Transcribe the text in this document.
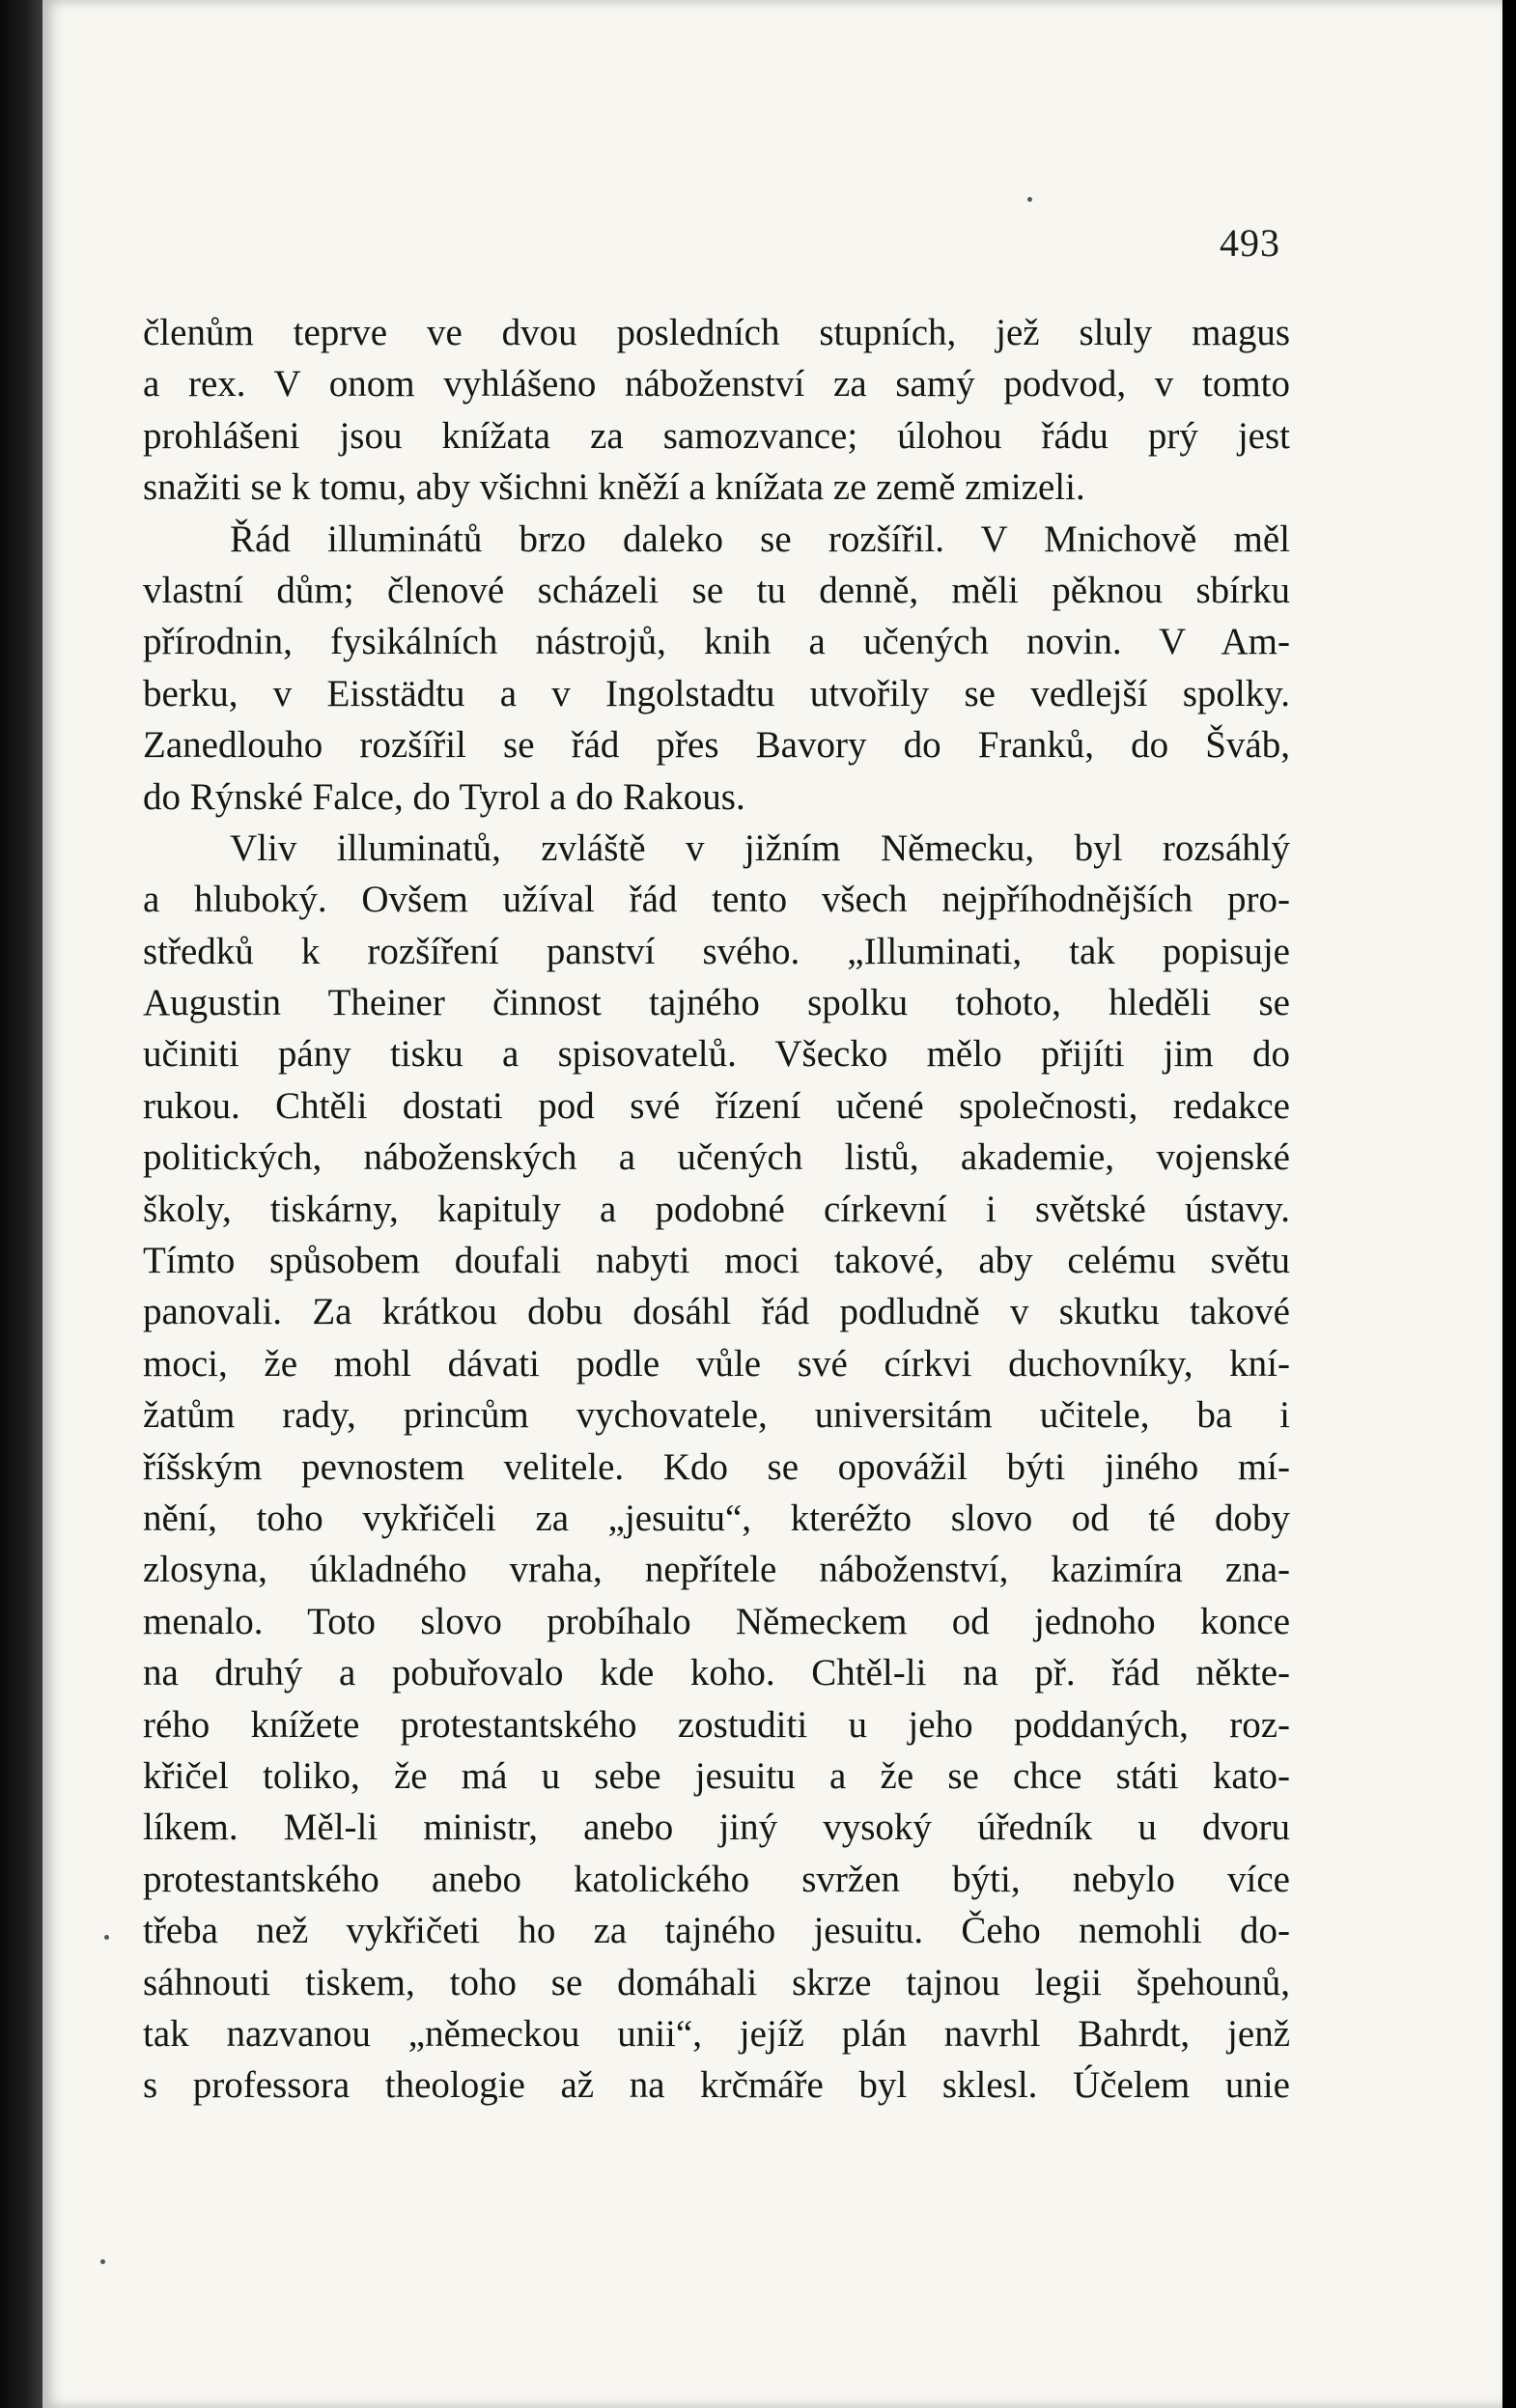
493
členům teprve ve dvou posledních stupních, jež sluly magus
a rex. V onom vyhlášeno náboženství za samý podvod, v tomto
prohlášeni jsou knížata za samozvance; úlohou řádu prý jest
snažiti se k tomu, aby všichni kněží a knížata ze země zmizeli.
Řád illuminátů brzo daleko se rozšířil. V Mnichově měl
vlastní dům; členové scházeli se tu denně, měli pěknou sbírku
přírodnin, fysikálních nástrojů, knih a učených novin. V Am-
berku, v Eisstädtu a v Ingolstadtu utvořily se vedlejší spolky.
Zanedlouho rozšířil se řád přes Bavory do Franků, do Šváb,
do Rýnské Falce, do Tyrol a do Rakous.
Vliv illuminatů, zvláště v jižním Německu, byl rozsáhlý
a hluboký. Ovšem užíval řád tento všech nejpříhodnějších pro-
středků k rozšíření panství svého. „Illuminati, tak popisuje
Augustin Theiner činnost tajného spolku tohoto, hleděli se
učiniti pány tisku a spisovatelů. Všecko mělo přijíti jim do
rukou. Chtěli dostati pod své řízení učené společnosti, redakce
politických, náboženských a učených listů, akademie, vojenské
školy, tiskárny, kapituly a podobné církevní i světské ústavy.
Tímto spůsobem doufali nabyti moci takové, aby celému světu
panovali. Za krátkou dobu dosáhl řád podludně v skutku takové
moci, že mohl dávati podle vůle své církvi duchovníky, kní-
žatům rady, princům vychovatele, universitám učitele, ba i
říšským pevnostem velitele. Kdo se opovážil býti jiného mí-
nění, toho vykřičeli za „jesuitu“, kteréžto slovo od té doby
zlosyna, úkladného vraha, nepřítele náboženství, kazimíra zna-
menalo. Toto slovo probíhalo Německem od jednoho konce
na druhý a pobuřovalo kde koho. Chtěl-li na př. řád někte-
rého knížete protestantského zostuditi u jeho poddaných, roz-
křičel toliko, že má u sebe jesuitu a že se chce státi kato-
líkem. Měl-li ministr, anebo jiný vysoký úředník u dvoru
protestantského anebo katolického svržen býti, nebylo více
třeba než vykřičeti ho za tajného jesuitu. Čeho nemohli do-
sáhnouti tiskem, toho se domáhali skrze tajnou legii špehounů,
tak nazvanou „německou unii“, jejíž plán navrhl Bahrdt, jenž
s professora theologie až na krčmáře byl sklesl. Účelem unie
